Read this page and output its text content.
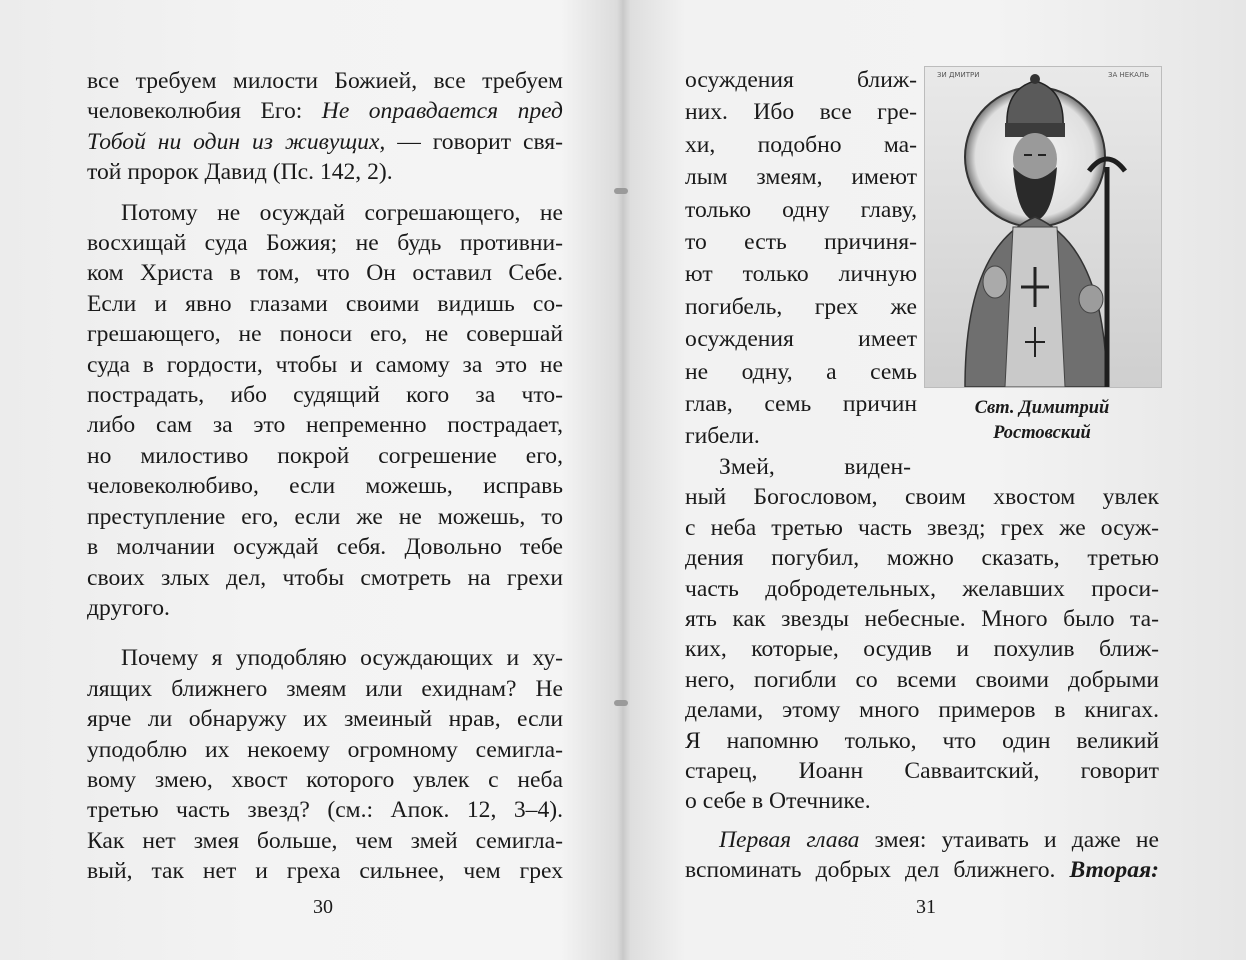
все требуем милости Божией, все требуем
человеколюбия Его: Не оправдается пред
Тобой ни один из живущих, — говорит свя-
той пророк Давид (Пс. 142, 2).
Потому не осуждай согрешающего, не
восхищай суда Божия; не будь противни-
ком Христа в том, что Он оставил Себе.
Если и явно глазами своими видишь со-
грешающего, не поноси его, не совершай
суда в гордости, чтобы и самому за это не
пострадать, ибо судящий кого за что-
либо сам за это непременно пострадает,
но милостиво покрой согрешение его,
человеколюбиво, если можешь, исправь
преступление его, если же не можешь, то
в молчании осуждай себя. Довольно тебе
своих злых дел, чтобы смотреть на грехи
другого.
Почему я уподобляю осуждающих и ху-
лящих ближнего змеям или ехиднам? Не
ярче ли обнаружу их змеиный нрав, если
уподоблю их некоему огромному семигла-
вому змею, хвост которого увлек с неба
третью часть звезд? (см.: Апок. 12, 3–4).
Как нет змея больше, чем змей семигла-
вый, так нет и греха сильнее, чем грех
30
осуждения ближ-
них. Ибо все гре-
хи, подобно ма-
лым змеям, имеют
только одну главу,
то есть причиня-
ют только личную
погибель, грех же
осуждения имеет
не одну, а семь
глав, семь причин
гибели.
ЗИ ДМИТРИ	ЗА НЕКАЛЬ
Свт. Димитрий
Ростовский
Змей, виден-
ный Богословом, своим хвостом увлек
с неба третью часть звезд; грех же осуж-
дения погубил, можно сказать, третью
часть добродетельных, желавших проси-
ять как звезды небесные. Много было та-
ких, которые, осудив и похулив ближ-
него, погибли со всеми своими добрыми
делами, этому много примеров в книгах.
Я напомню только, что один великий
старец, Иоанн Савваитский, говорит
о себе в Отечнике.
Первая глава змея: утаивать и даже не
вспоминать добрых дел ближнего. Вторая:
31
